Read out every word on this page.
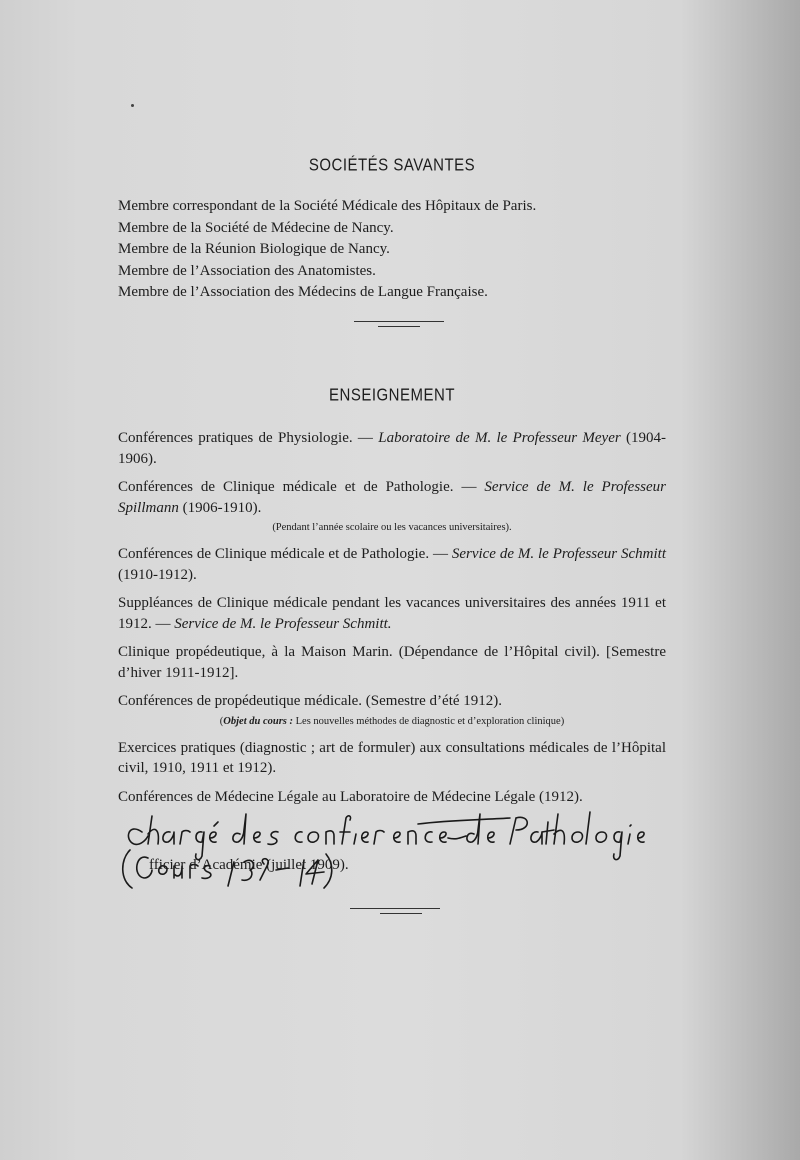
SOCIÉTÉS SAVANTES
Membre correspondant de la Société Médicale des Hôpitaux de Paris.
Membre de la Société de Médecine de Nancy.
Membre de la Réunion Biologique de Nancy.
Membre de l’Association des Anatomistes.
Membre de l’Association des Médecins de Langue Française.
ENSEIGNEMENT
Conférences pratiques de Physiologie. — Laboratoire de M. le Professeur Meyer (1904-1906).
Conférences de Clinique médicale et de Pathologie. — Service de M. le Professeur Spillmann (1906-1910).
(Pendant l’année scolaire ou les vacances universitaires).
Conférences de Clinique médicale et de Pathologie. — Service de M. le Professeur Schmitt (1910-1912).
Suppléances de Clinique médicale pendant les vacances universitaires des années 1911 et 1912. — Service de M. le Professeur Schmitt.
Clinique propédeutique, à la Maison Marin. (Dépendance de l’Hôpital civil). [Semestre d’hiver 1911-1912].
Conférences de propédeutique médicale. (Semestre d’été 1912).
(Objet du cours : Les nouvelles méthodes de diagnostic et d’exploration clinique)
Exercices pratiques (diagnostic ; art de formuler) aux consultations médicales de l’Hôpital civil, 1910, 1911 et 1912).
Conférences de Médecine Légale au Laboratoire de Médecine Légale (1912).
fficier d’Académie (juillet 1909).
